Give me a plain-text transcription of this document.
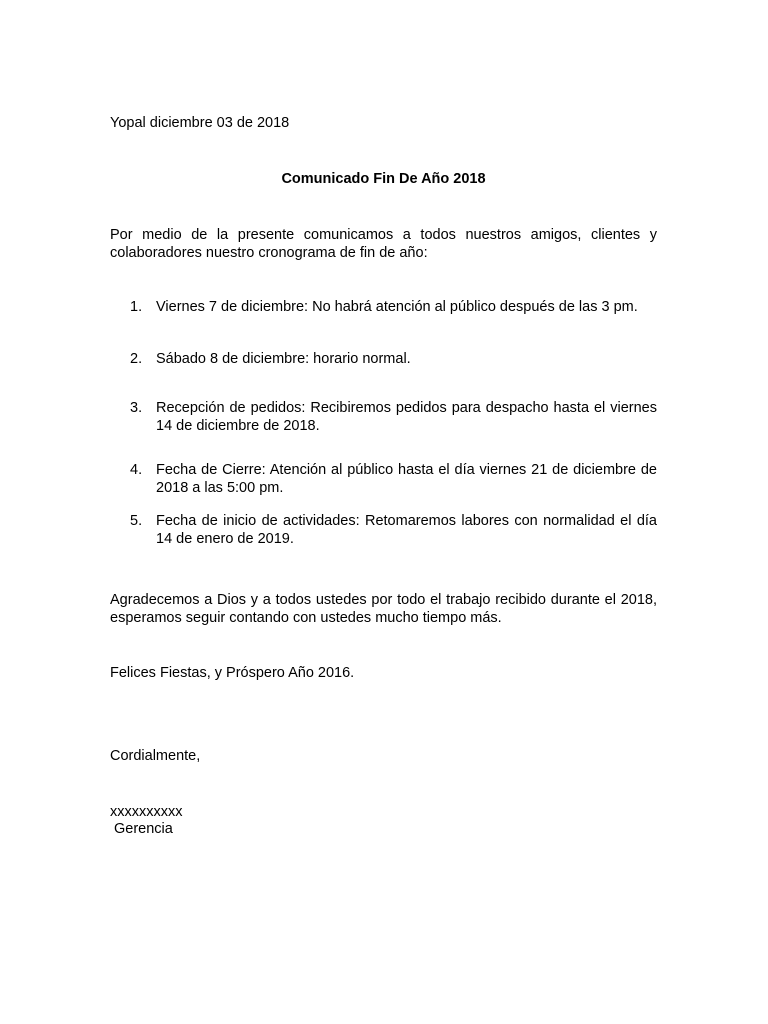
Yopal diciembre 03 de 2018

Comunicado Fin De Año 2018

Por medio de la presente comunicamos a todos nuestros amigos, clientes y colaboradores nuestro cronograma de fin de año:

1. Viernes 7 de diciembre: No habrá atención al público después de las 3 pm.
2. Sábado 8 de diciembre: horario normal.
3. Recepción de pedidos: Recibiremos pedidos para despacho hasta el viernes 14 de diciembre de 2018.
4. Fecha de Cierre: Atención al público hasta el día viernes 21 de diciembre de 2018 a las 5:00 pm.
5. Fecha de inicio de actividades: Retomaremos labores con normalidad el día 14 de enero de 2019.

Agradecemos a Dios y a todos ustedes por todo el trabajo recibido durante el 2018, esperamos seguir contando con ustedes mucho tiempo más.

Felices Fiestas, y Próspero Año 2016.

Cordialmente,

xxxxxxxxxx

Gerencia
